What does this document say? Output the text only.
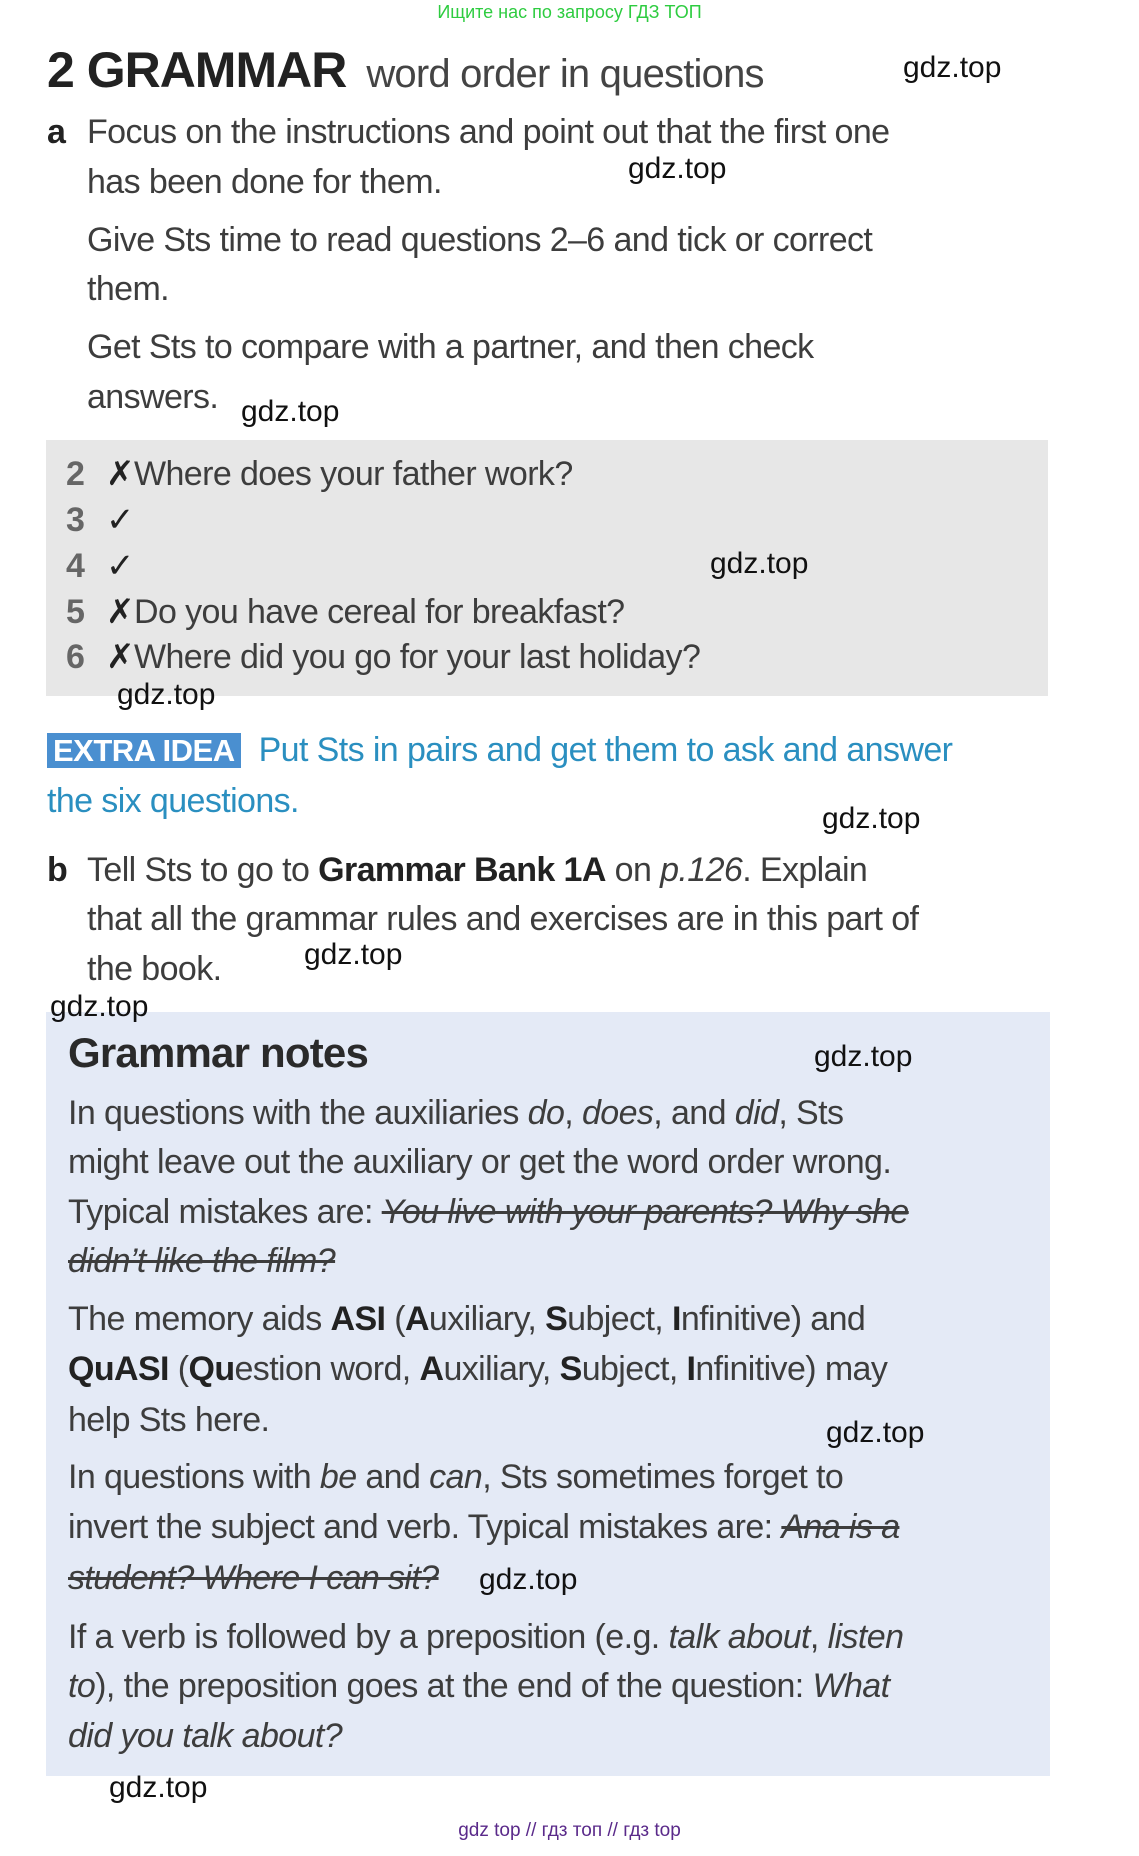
Ищите нас по запросу ГДЗ ТОП
2 GRAMMAR word order in questions
a Focus on the instructions and point out that the first one
has been done for them.
Give Sts time to read questions 2–6 and tick or correct
them.
Get Sts to compare with a partner, and then check
answers.
2 ✗Where does your father work?
3 ✓
4 ✓
5 ✗Do you have cereal for breakfast?
6 ✗Where did you go for your last holiday?
EXTRA IDEA Put Sts in pairs and get them to ask and answer
the six questions.
b Tell Sts to go to Grammar Bank 1A on p.126. Explain
that all the grammar rules and exercises are in this part of
the book.
Grammar notes
In questions with the auxiliaries do, does, and did, Sts
might leave out the auxiliary or get the word order wrong.
Typical mistakes are: You live with your parents? Why she
didn’t like the film?
The memory aids ASI (Auxiliary, Subject, Infinitive) and
QuASI (Question word, Auxiliary, Subject, Infinitive) may
help Sts here.
In questions with be and can, Sts sometimes forget to
invert the subject and verb. Typical mistakes are: Ana is a
student? Where I can sit?
If a verb is followed by a preposition (e.g. talk about, listen
to), the preposition goes at the end of the question: What
did you talk about?
gdz.top
gdz.top
gdz.top
gdz.top
gdz.top
gdz.top
gdz.top
gdz.top
gdz.top
gdz.top
gdz.top
gdz.top
gdz top // гдз топ // гдз top
